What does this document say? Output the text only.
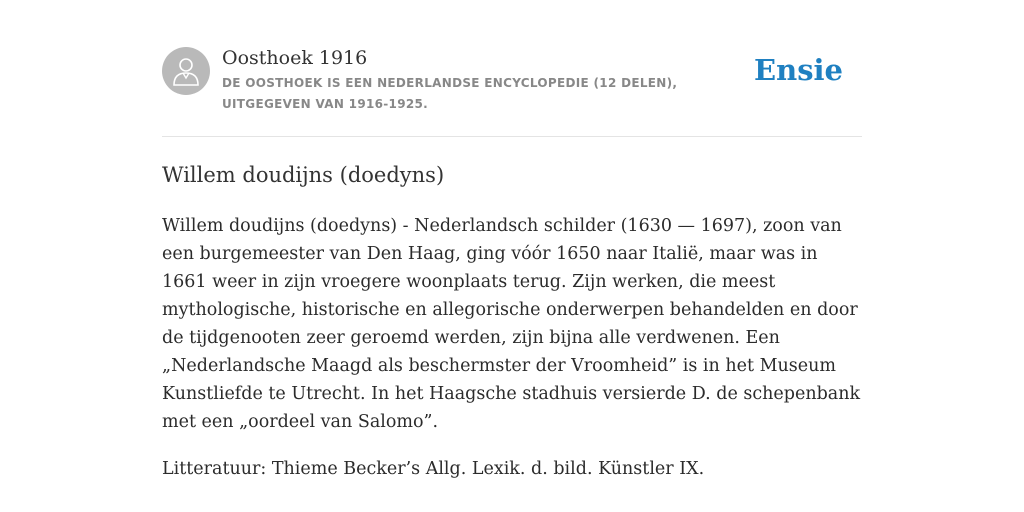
Oosthoek 1916
DE OOSTHOEK IS EEN NEDERLANDSE ENCYCLOPEDIE (12 DELEN), UITGEGEVEN VAN 1916-1925.
Ensie
Willem doudijns (doedyns)

Willem doudijns (doedyns) - Nederlandsch schilder (1630 — 1697), zoon van een burgemeester van Den Haag, ging vóór 1650 naar Italië, maar was in 1661 weer in zijn vroegere woonplaats terug. Zijn werken, die meest mythologische, historische en allegorische onderwerpen behandelden en door de tijdgenooten zeer geroemd werden, zijn bijna alle verdwenen. Een „Nederlandsche Maagd als beschermster der Vroomheid” is in het Museum Kunstliefde te Utrecht. In het Haagsche stadhuis versierde D. de schepenbank met een „oordeel van Salomo”.

Litteratuur: Thieme Becker’s Allg. Lexik. d. bild. Künstler IX.
